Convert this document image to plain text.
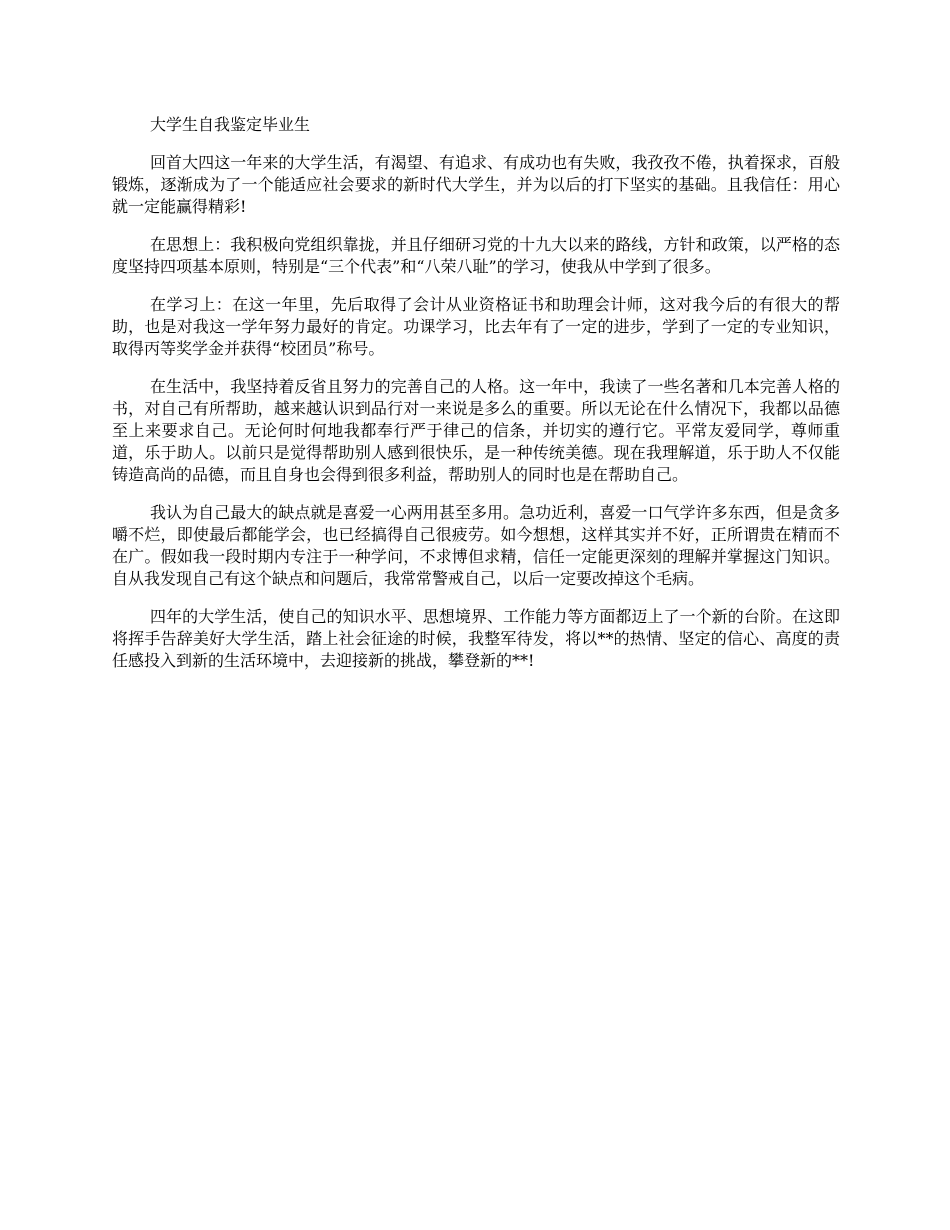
大学生自我鉴定毕业生

回首大四这一年来的大学生活，有渴望、有追求、有成功也有失败，我孜孜不倦，执着探求，百般锻炼，逐渐成为了一个能适应社会要求的新时代大学生，并为以后的打下坚实的基础。且我信任：用心就一定能赢得精彩!

在思想上：我积极向党组织靠拢，并且仔细研习党的十九大以来的路线，方针和政策，以严格的态度坚持四项基本原则，特别是“三个代表”和“八荣八耻”的学习，使我从中学到了很多。

在学习上：在这一年里，先后取得了会计从业资格证书和助理会计师，这对我今后的有很大的帮助，也是对我这一学年努力最好的肯定。功课学习，比去年有了一定的进步，学到了一定的专业知识，取得丙等奖学金并获得“校团员”称号。

在生活中，我坚持着反省且努力的完善自己的人格。这一年中，我读了一些名著和几本完善人格的书，对自己有所帮助，越来越认识到品行对一来说是多么的重要。所以无论在什么情况下，我都以品德至上来要求自己。无论何时何地我都奉行严于律己的信条，并切实的遵行它。平常友爱同学，尊师重道，乐于助人。以前只是觉得帮助别人感到很快乐，是一种传统美德。现在我理解道，乐于助人不仅能铸造高尚的品德，而且自身也会得到很多利益，帮助别人的同时也是在帮助自己。

我认为自己最大的缺点就是喜爱一心两用甚至多用。急功近利，喜爱一口气学许多东西，但是贪多嚼不烂，即使最后都能学会，也已经搞得自己很疲劳。如今想想，这样其实并不好，正所谓贵在精而不在广。假如我一段时期内专注于一种学问，不求博但求精，信任一定能更深刻的理解并掌握这门知识。自从我发现自己有这个缺点和问题后，我常常警戒自己，以后一定要改掉这个毛病。

四年的大学生活，使自己的知识水平、思想境界、工作能力等方面都迈上了一个新的台阶。在这即将挥手告辞美好大学生活，踏上社会征途的时候，我整军待发，将以**的热情、坚定的信心、高度的责任感投入到新的生活环境中，去迎接新的挑战，攀登新的**!
